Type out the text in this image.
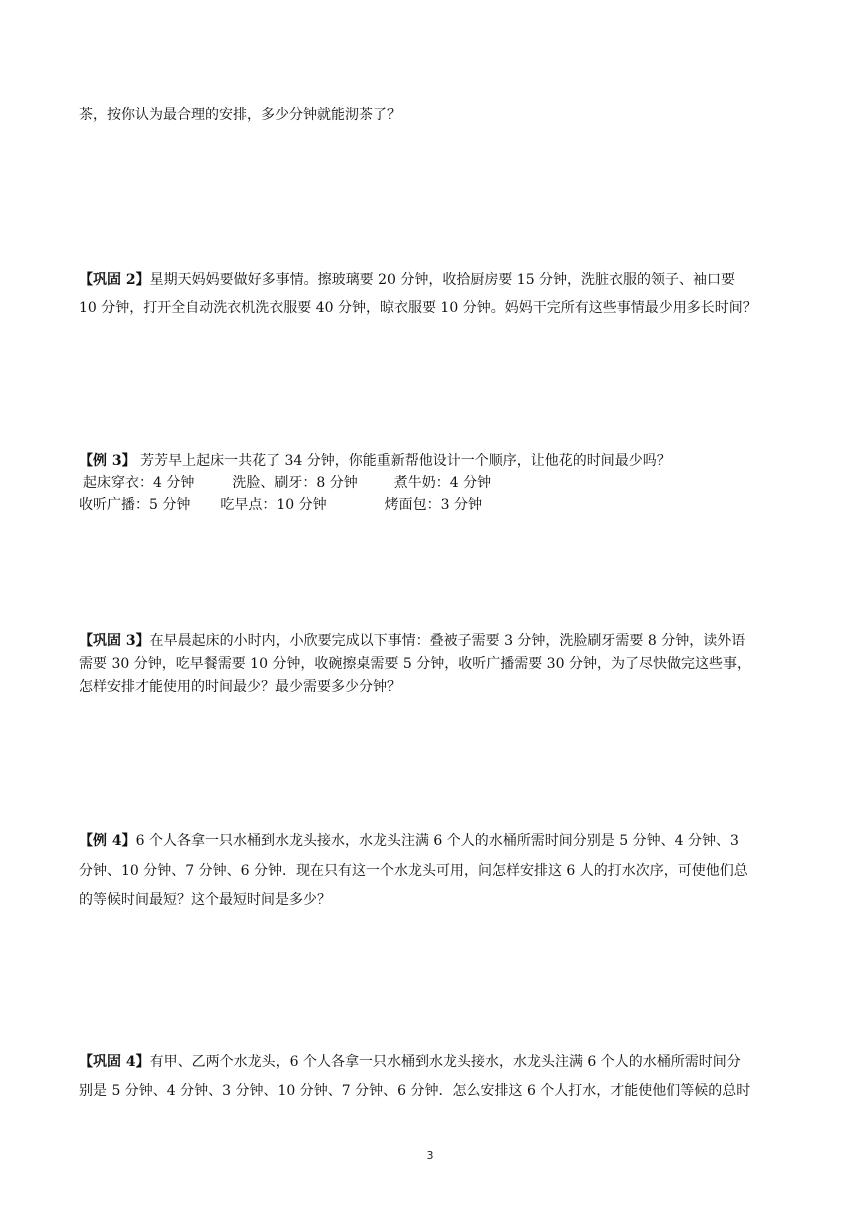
茶，按你认为最合理的安排，多少分钟就能沏茶了？
【巩固 2】星期天妈妈要做好多事情。擦玻璃要 20 分钟，收拾厨房要 15 分钟，洗脏衣服的领子、袖口要
10 分钟，打开全自动洗衣机洗衣服要 40 分钟，晾衣服要 10 分钟。妈妈干完所有这些事情最少用多长时间？
【例 3】 芳芳早上起床一共花了 34 分钟，你能重新帮他设计一个顺序，让他花的时间最少吗？
起床穿衣：4 分钟	洗脸、刷牙：8 分钟	煮牛奶：4 分钟
收听广播：5 分钟 吃早点：10 分钟	烤面包：3 分钟
【巩固 3】在早晨起床的小时内，小欣要完成以下事情：叠被子需要 3 分钟，洗脸刷牙需要 8 分钟，读外语
需要 30 分钟，吃早餐需要 10 分钟，收碗擦桌需要 5 分钟，收听广播需要 30 分钟，为了尽快做完这些事，
怎样安排才能使用的时间最少？最少需要多少分钟？
【例 4】6 个人各拿一只水桶到水龙头接水，水龙头注满 6 个人的水桶所需时间分别是 5 分钟、4 分钟、3
分钟、10 分钟、7 分钟、6 分钟．现在只有这一个水龙头可用，问怎样安排这 6 人的打水次序，可使他们总
的等候时间最短？这个最短时间是多少？
【巩固 4】有甲、乙两个水龙头，6 个人各拿一只水桶到水龙头接水，水龙头注满 6 个人的水桶所需时间分
别是 5 分钟、4 分钟、3 分钟、10 分钟、7 分钟、6 分钟．怎么安排这 6 个人打水，才能使他们等候的总时
3
